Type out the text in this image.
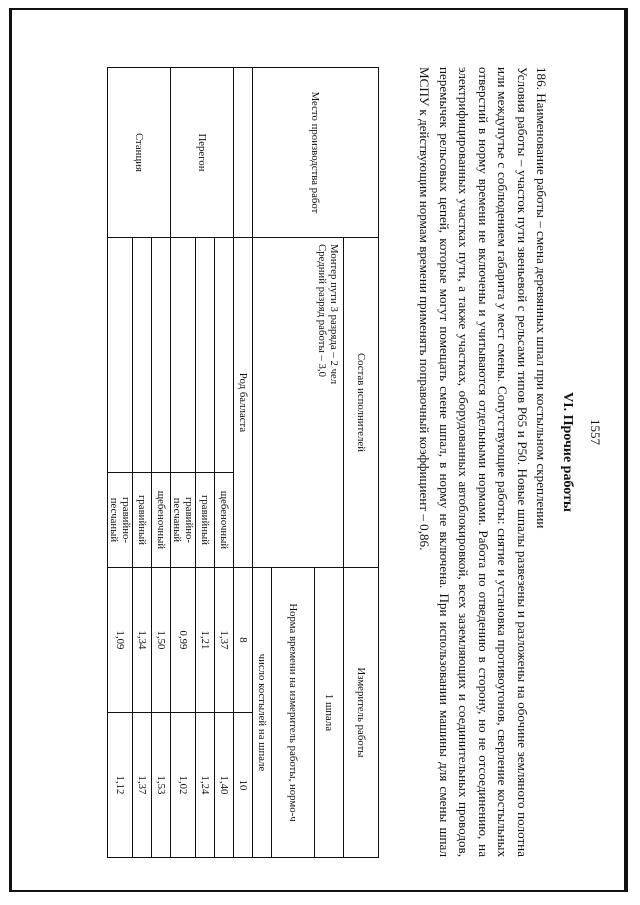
1557
VI. Прочие работы
186. Наименование работы – смена деревянных шпал при костыльном скреплении
Условия работы – участок пути звеньевой с рельсами типов Р65 и Р50. Новые шпалы развезены и разложены на обочине земляного полотна или междупутье с соблюдением габарита у мест смены. Сопутствующие работы: снятие и установка противоугонов, сверление костыльных отверстий в норму времени не включены и учитываются отдельными нормами. Работа по отведению в сторону, но не отсоединению, на электрифицированных участках пути, а также участках, оборудованных автоблокировкой, всех заземляющих и соединительных проводов, перемычек рельсовых цепей, которые могут помещать смене шпал, в норму не включена. При использовании машины для смены шпал МСПУ к действующим нормам времени применять поправочный коэффициент – 0,86.
Место производства работ	Состав исполнителей		Измеритель работы	
	Монтер пути 3 разряда – 2 чел
Средний разряд работы – 3,0		1 шпала	
			Норма времени на измеритель работы, нормо-ч	
			число костылей на шпале	
	Род балласта		8	10
Перегон		щебеночный	1,37	1,40
		гравийный	1,21	1,24
		гравийно-песчаный	0,99	1,02
Станция		щебеночный	1,50	1,53
		гравийный	1,34	1,37
		гравийно-песчаный	1,09	1,12
